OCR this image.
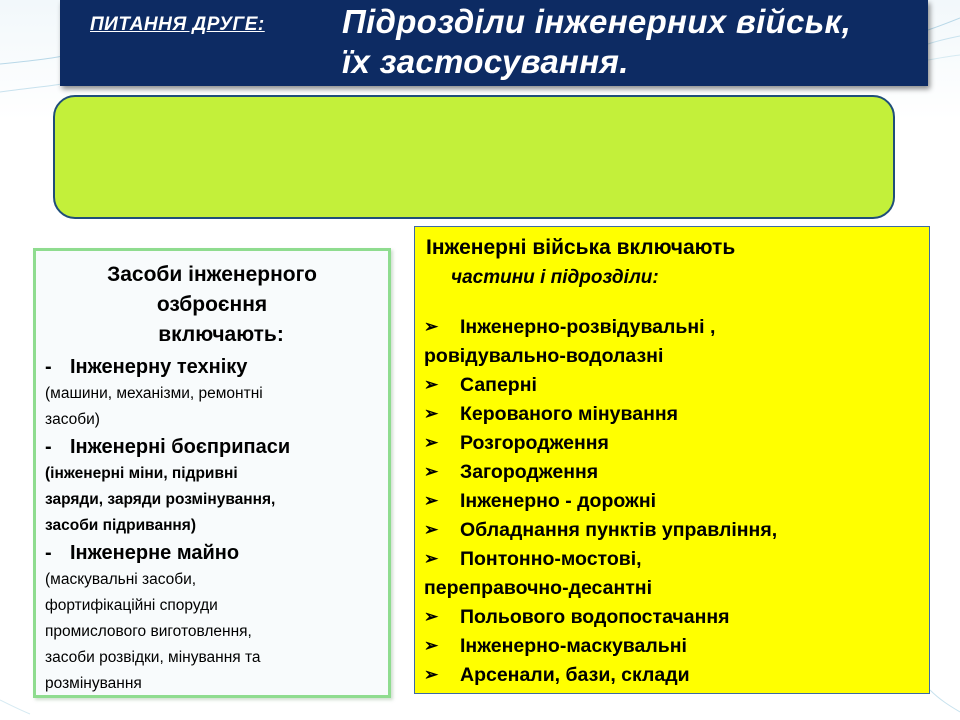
ПИТАННЯ ДРУГЕ: Підрозділи інженерних військ,
їх застосування.
Засоби інженерного
озброєння
включають:
- Інженерну техніку
(машини, механізми, ремонтні
засоби)
- Інженерні боєприпаси
(інженерні міни, підривні
заряди, заряди розмінування,
засоби підривання)
- Інженерне майно
(маскувальні засоби,
фортифікаційні споруди
промислового виготовлення,
засоби розвідки, мінування та
розмінування
Інженерні війська включають
частини і підрозділи:
➢ Інженерно-розвідувальні ,
ровідувально-водолазні
➢ Саперні
➢ Керованого мінування
➢ Розгородження
➢ Загородження
➢ Інженерно - дорожні
➢ Обладнання пунктів управління,
➢ Понтонно-мостові,
переправочно-десантні
➢ Польового водопостачання
➢ Інженерно-маскувальні
➢ Арсенали, бази, склади
